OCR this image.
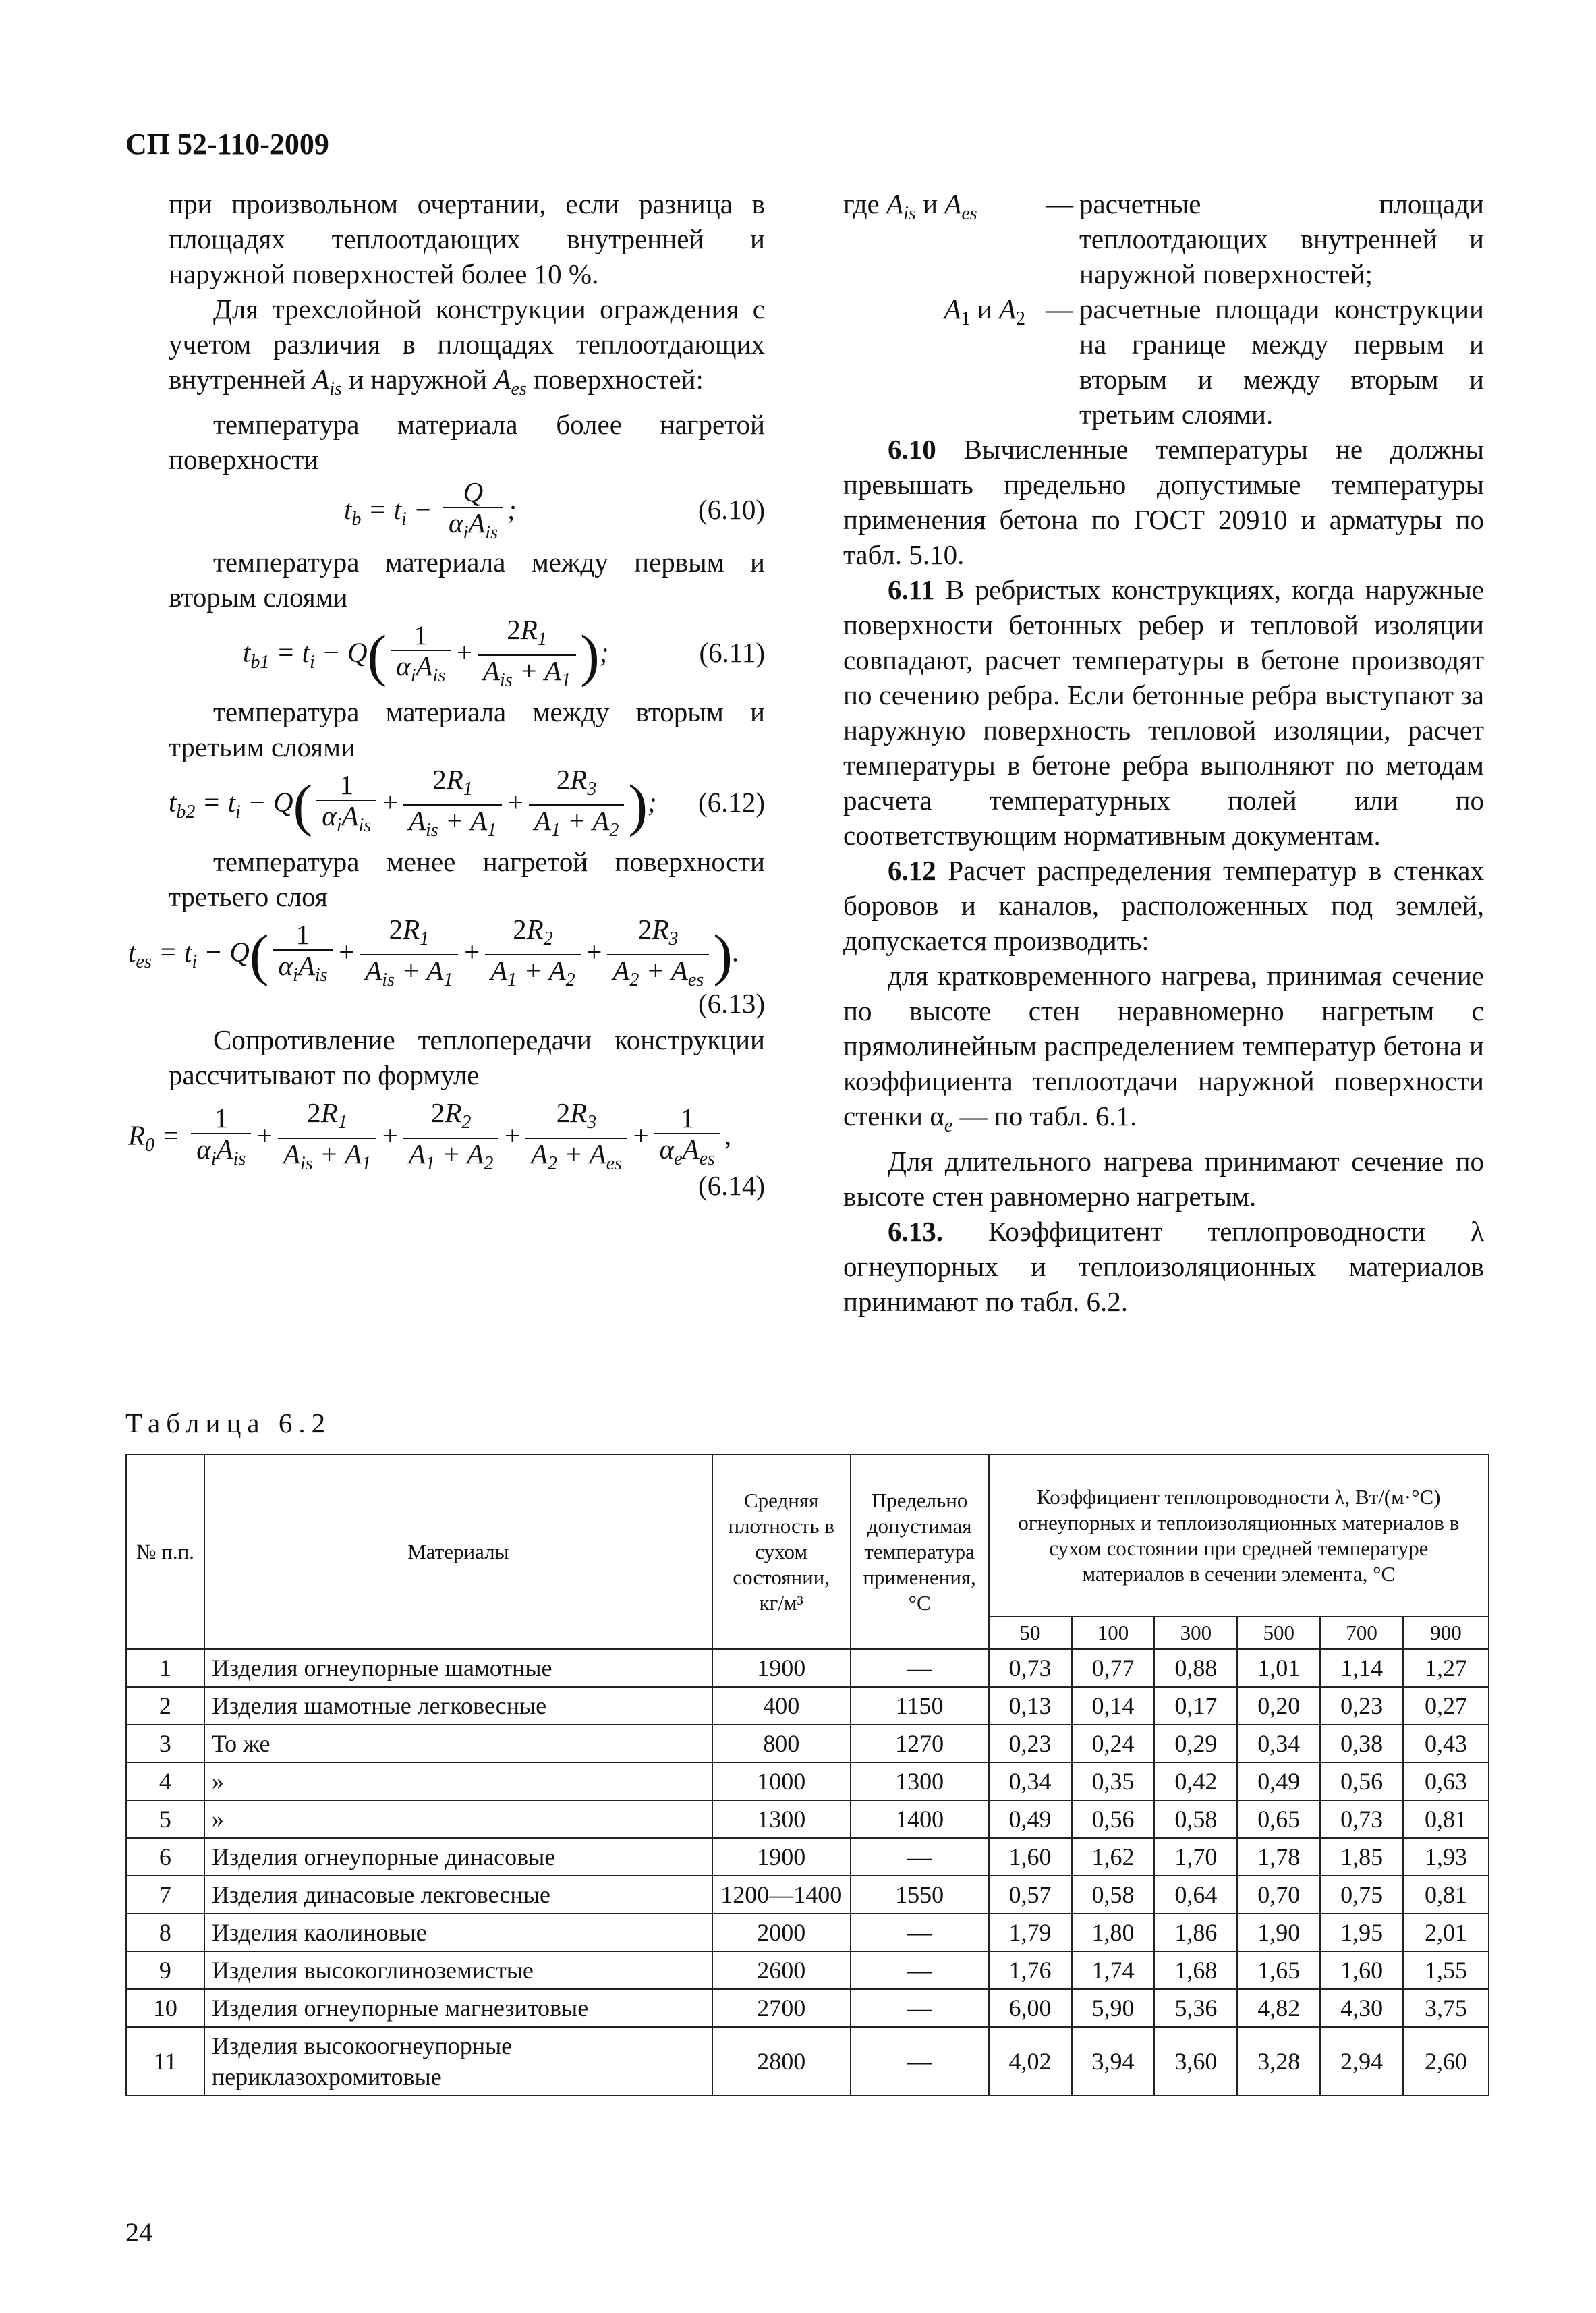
СП 52-110-2009

при произвольном очертании, если разница в площадях теплоотдающих внутренней и наружной поверхностей более 10 %.

Для трехслойной конструкции ограждения с учетом различия в площадях теплоотдающих внутренней $A_{is}$ и наружной $A_{es}$ поверхностей:

температура материала более нагретой поверхности

$t_b = t_i - \frac{Q}{\alpha_iA_{is}}$ ;	(6.10)

температура материала между первым и вторым слоями

$t_{b1} = t_i - Q( \frac{1}{\alpha_iA_{is}} + \frac{2R_1}{A_{is} + A_1}$ );	(6.11)

температура материала между вторым и третьим слоями

$t_{b2} = t_i - Q( \frac{1}{\alpha_iA_{is}} + \frac{2R_1}{A_{is} + A_1} + \frac{2R_3}{A_1 + A_2}$ ); (6.12)

температура менее нагретой поверхности третьего слоя

$t_{es} = t_i - Q( \frac{1}{\alpha_iA_{is}} + \frac{2R_1}{A_{is} + A_1} + \frac{2R_2}{A_1 + A_2} + \frac{2R_3}{A_2 + A_{es}}$ ).
(6.13)

Сопротивление теплопередачи конструкции рассчитывают по формуле

$R_0 = \frac{1}{\alpha_iA_{is}} + \frac{2R_1}{A_{is} + A_1} + \frac{2R_2}{A_1 + A_2} + \frac{2R_3}{A_2 + A_{es}} + \frac{1}{\alpha_eA_{es}}$ ,
(6.14)
где $A_{is}$ и $A_{es}$	— расчетные площади теплоотдающих внутренней и наружной поверхностей;
$A_1$ и $A_2$ — расчетные площади конструкции на границе между первым и вторым и между вторым и третьим слоями.

6.10 Вычисленные температуры не должны превышать предельно допустимые температуры применения бетона по ГОСТ 20910 и арматуры по табл. 5.10.

6.11 В ребристых конструкциях, когда наружные поверхности бетонных ребер и тепловой изоляции совпадают, расчет температуры в бетоне производят по сечению ребра. Если бетонные ребра выступают за наружную поверхность тепловой изоляции, расчет температуры в бетоне ребра выполняют по методам расчета температурных полей или по соответствующим нормативным документам.

6.12 Расчет распределения температур в стенках боровов и каналов, расположенных под землей, допускается производить:

для кратковременного нагрева, принимая сечение по высоте стен неравномерно нагретым с прямолинейным распределением температур бетона и коэффициента теплоотдачи наружной поверхности стенки $\alpha_e$ — по табл. 6.1.

Для длительного нагрева принимают сечение по высоте стен равномерно нагретым.

6.13. Коэффицитент теплопроводности λ огнеупорных и теплоизоляционных материалов принимают по табл. 6.2.

Таблица 6.2
№ п.п.	Материалы	Средняя плотность в сухом состоянии, кг/м³	Предельно допустимая температура применения, °С	Коэффициент теплопроводности λ, Вт/(м·°С) огнеупорных и теплоизоляционных материалов в сухом состоянии при средней температуре материалов в сечении элемента, °С					
				50	100	300	500	700	900
1	Изделия огнеупорные шамотные	1900	—	0,73	0,77	0,88	1,01	1,14	1,27
2	Изделия шамотные легковесные	400	1150	0,13	0,14	0,17	0,20	0,23	0,27
3	То же	800	1270	0,23	0,24	0,29	0,34	0,38	0,43
4	»	1000	1300	0,34	0,35	0,42	0,49	0,56	0,63
5	»	1300	1400	0,49	0,56	0,58	0,65	0,73	0,81
6	Изделия огнеупорные динасовые	1900	—	1,60	1,62	1,70	1,78	1,85	1,93
7	Изделия динасовые лекговесные	1200—1400	1550	0,57	0,58	0,64	0,70	0,75	0,81
8	Изделия каолиновые	2000	—	1,79	1,80	1,86	1,90	1,95	2,01
9	Изделия высокоглиноземистые	2600	—	1,76	1,74	1,68	1,65	1,60	1,55
10	Изделия огнеупорные магнезитовые	2700	—	6,00	5,90	5,36	4,82	4,30	3,75
11	Изделия высокоогнеупорные периклазохромитовые	2800	—	4,02	3,94	3,60	3,28	2,94	2,60
24
